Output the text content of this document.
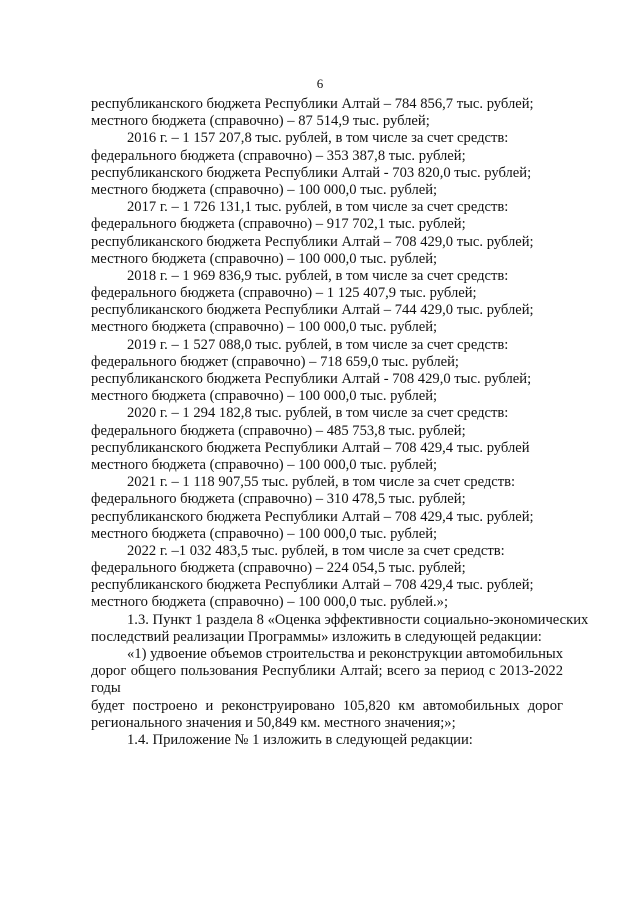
6
республиканского бюджета Республики Алтай – 784 856,7 тыс. рублей;
местного бюджета (справочно) – 87 514,9 тыс. рублей;
2016 г. – 1 157 207,8 тыс. рублей, в том числе за счет средств:
федерального бюджета (справочно) – 353 387,8 тыс. рублей;
республиканского бюджета Республики Алтай - 703 820,0 тыс. рублей;
местного бюджета (справочно) – 100 000,0 тыс. рублей;
2017 г. – 1 726 131,1 тыс. рублей, в том числе за счет средств:
федерального бюджета (справочно) – 917 702,1 тыс. рублей;
республиканского бюджета Республики Алтай – 708 429,0 тыс. рублей;
местного бюджета (справочно) – 100 000,0 тыс. рублей;
2018 г. – 1 969 836,9 тыс. рублей, в том числе за счет средств:
федерального бюджета (справочно) – 1 125 407,9 тыс. рублей;
республиканского бюджета Республики Алтай – 744 429,0 тыс. рублей;
местного бюджета (справочно) – 100 000,0 тыс. рублей;
2019 г. – 1 527 088,0 тыс. рублей, в том числе за счет средств:
федерального бюджет (справочно) – 718 659,0 тыс. рублей;
республиканского бюджета Республики Алтай - 708 429,0 тыс. рублей;
местного бюджета (справочно) – 100 000,0 тыс. рублей;
2020 г. – 1 294 182,8 тыс. рублей, в том числе за счет средств:
федерального бюджета (справочно) – 485 753,8 тыс. рублей;
республиканского бюджета Республики Алтай – 708 429,4 тыс. рублей
местного бюджета (справочно) – 100 000,0 тыс. рублей;
2021 г. – 1 118 907,55 тыс. рублей, в том числе за счет средств:
федерального бюджета (справочно) – 310 478,5 тыс. рублей;
республиканского бюджета Республики Алтай – 708 429,4 тыс. рублей;
местного бюджета (справочно) – 100 000,0 тыс. рублей;
2022 г. –1 032 483,5 тыс. рублей, в том числе за счет средств:
федерального бюджета (справочно) – 224 054,5 тыс. рублей;
республиканского бюджета Республики Алтай – 708 429,4 тыс. рублей;
местного бюджета (справочно) – 100 000,0 тыс. рублей.»;
1.3. Пункт 1 раздела 8 «Оценка эффективности социально-экономических
последствий реализации Программы» изложить в следующей редакции:
«1) удвоение объемов строительства и реконструкции автомобильных
дорог общего пользования Республики Алтай; всего за период с 2013-2022 годы
будет построено и реконструировано 105,820 км автомобильных дорог
регионального значения и 50,849 км. местного значения;»;
1.4. Приложение № 1 изложить в следующей редакции:
